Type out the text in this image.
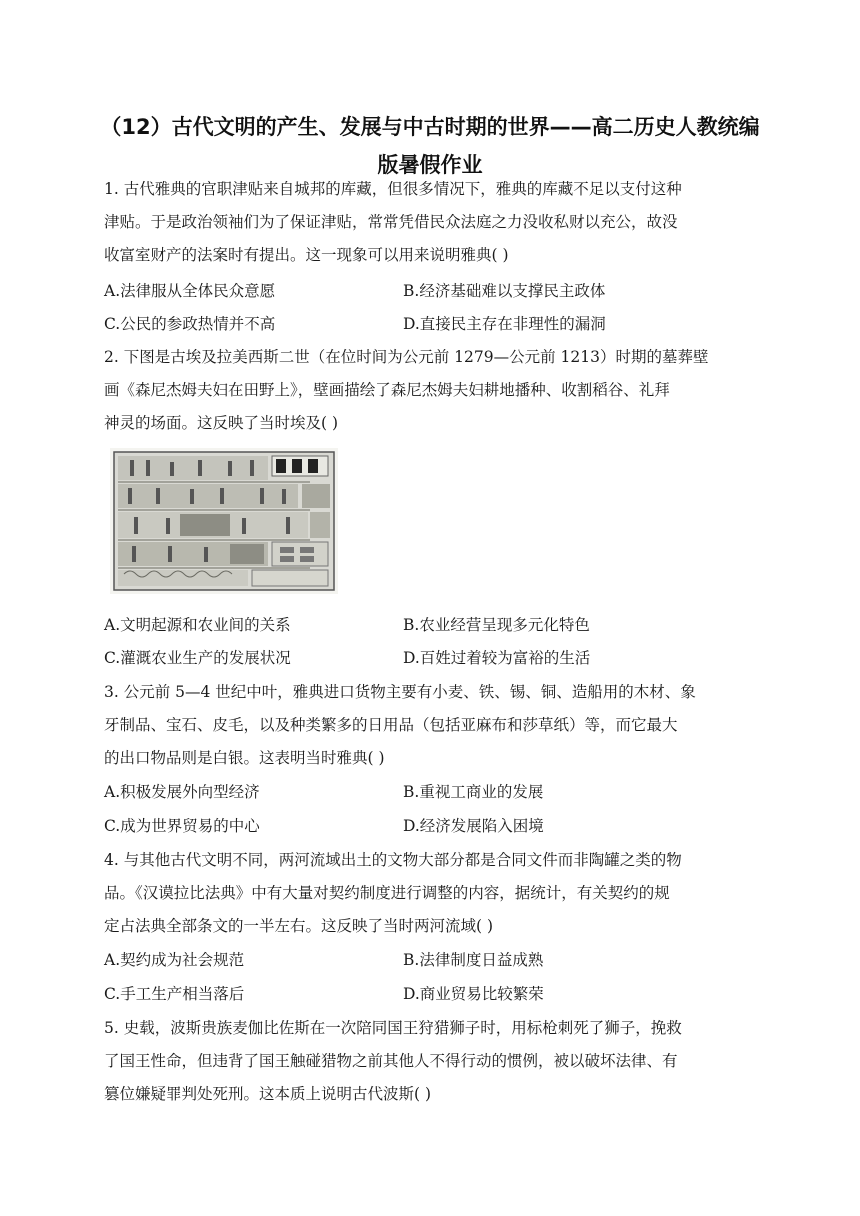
（12）古代文明的产生、发展与中古时期的世界——高二历史人教统编版暑假作业
1. 古代雅典的官职津贴来自城邦的库藏，但很多情况下，雅典的库藏不足以支付这种
津贴。于是政治领袖们为了保证津贴，常常凭借民众法庭之力没收私财以充公，故没
收富室财产的法案时有提出。这一现象可以用来说明雅典( )
A.法律服从全体民众意愿	B.经济基础难以支撑民主政体
C.公民的参政热情并不高	D.直接民主存在非理性的漏洞
2. 下图是古埃及拉美西斯二世（在位时间为公元前 1279—公元前 1213）时期的墓葬壁
画《森尼杰姆夫妇在田野上》，壁画描绘了森尼杰姆夫妇耕地播种、收割稻谷、礼拜
神灵的场面。这反映了当时埃及( )
A.文明起源和农业间的关系	B.农业经营呈现多元化特色
C.灌溉农业生产的发展状况	D.百姓过着较为富裕的生活
3. 公元前 5—4 世纪中叶，雅典进口货物主要有小麦、铁、锡、铜、造船用的木材、象
牙制品、宝石、皮毛，以及种类繁多的日用品（包括亚麻布和莎草纸）等，而它最大
的出口物品则是白银。这表明当时雅典( )
A.积极发展外向型经济	B.重视工商业的发展
C.成为世界贸易的中心	D.经济发展陷入困境
4. 与其他古代文明不同，两河流域出土的文物大部分都是合同文件而非陶罐之类的物
品。《汉谟拉比法典》中有大量对契约制度进行调整的内容，据统计，有关契约的规
定占法典全部条文的一半左右。这反映了当时两河流域( )
A.契约成为社会规范	B.法律制度日益成熟
C.手工生产相当落后	D.商业贸易比较繁荣
5. 史载，波斯贵族麦伽比佐斯在一次陪同国王狩猎狮子时，用标枪刺死了狮子，挽救
了国王性命，但违背了国王触碰猎物之前其他人不得行动的惯例，被以破坏法律、有
篡位嫌疑罪判处死刑。这本质上说明古代波斯( )
